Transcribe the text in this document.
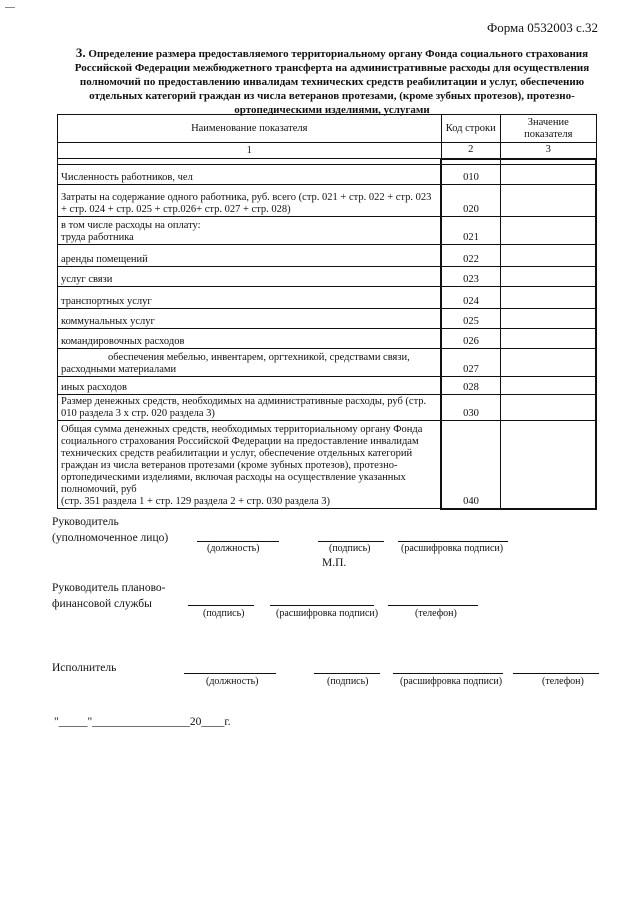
Форма 0532003 с.32
3. Определение размера предоставляемого территориальному органу Фонда социального страхования Российской Федерации межбюджетного трансферта на административные расходы для осуществления полномочий по предоставлению инвалидам технических средств реабилитации и услуг, обеспечению отдельных категорий граждан из числа ветеранов протезами, (кроме зубных протезов), протезно-ортопедическими изделиями, услугами
Наименование показателя	Код строки	Значение показателя
1	2	3

Численность работников, чел	010	
Затраты на содержание одного работника, руб. всего (стр. 021 + стр. 022 + стр. 023 + стр. 024 + стр. 025 + стр.026+ стр. 027 + стр. 028)	020	
в том числе расходы на оплату:
труда работника	021	
аренды помещений	022	
услуг связи	023	
транспортных услуг	024	
коммунальных услуг	025	
командировочных расходов	026	
обеспечения мебелью, инвентарем, оргтехникой, средствами связи, расходными материалами	027	
иных расходов	028	
Размер денежных средств, необходимых на административные расходы, руб (стр. 010 раздела 3 х стр. 020 раздела 3)	030	
Общая сумма денежных средств, необходимых территориальному органу Фонда социального страхования Российской Федерации на предоставление инвалидам технических средств реабилитации и услуг, обеспечение отдельных категорий граждан из числа ветеранов протезами (кроме зубных протезов), протезно-ортопедическими изделиями, включая расходы на осуществление указанных полномочий, руб
(стр. 351 раздела 1 + стр. 129 раздела 2 + стр. 030 раздела 3)	040	
Руководитель
(уполномоченное лицо)
(должность)	(подпись)	(расшифровка подписи)
М.П.
Руководитель планово-
финансовой службы
(подпись)	(расшифровка подписи)	(телефон)
Исполнитель
(должность)	(подпись)	(расшифровка подписи)	(телефон)
"_____"_________________20____г.
